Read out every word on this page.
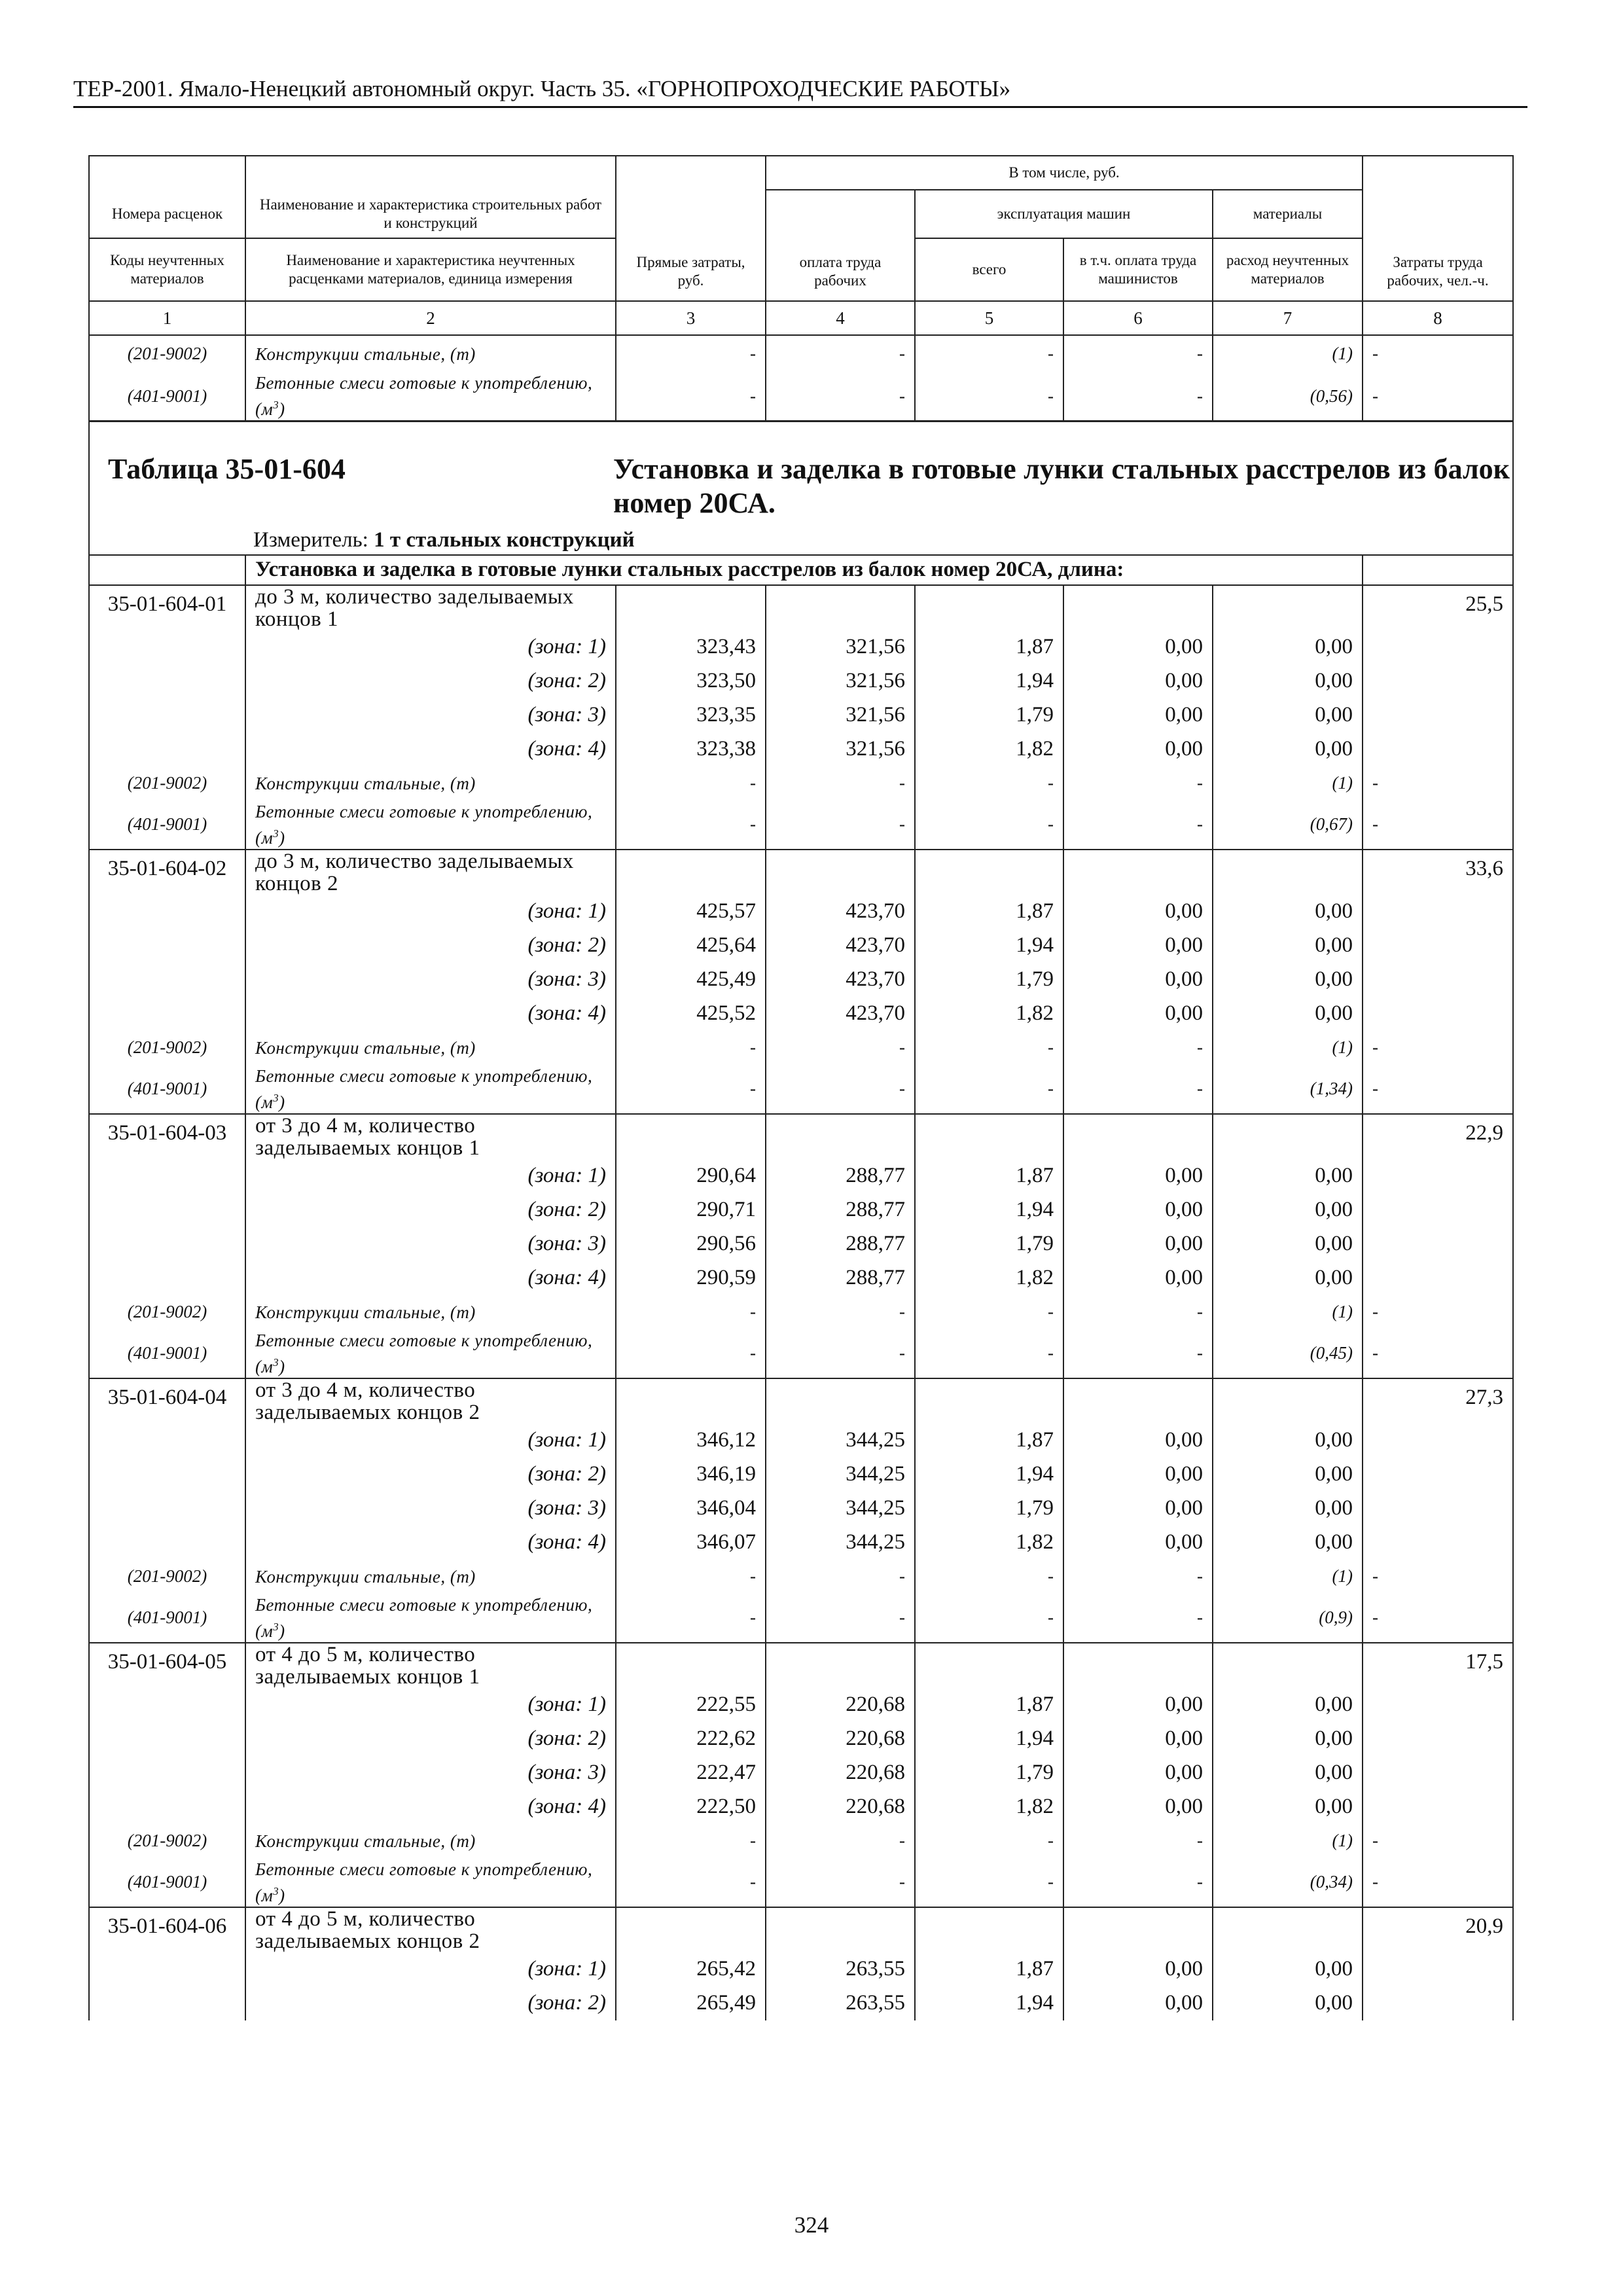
ТЕР-2001. Ямало-Ненецкий автономный округ. Часть 35. «ГОРНОПРОХОДЧЕСКИЕ РАБОТЫ»
			В том числе, руб.				
Номера расценок	Наименование и характеристика строительных работ и конструкций	Прямые затраты, руб.	оплата труда рабочих	эксплуатация машин		материалы	Затраты труда рабочих, чел.-ч.
Коды неучтенных материалов	Наименование и характеристика неучтенных расценками материалов, единица измерения			всего	в т.ч. оплата труда машинистов	расход неучтенных материалов	
1	2	3	4	5	6	7	8
(201-9002)	Конструкции стальные, (т)	-	-	-	-	(1)	-
(401-9001)	Бетонные смеси готовые к употреблению, $(м^3)$	-	-	-	-	(0,56)	-

Таблица 35-01-604 Установка и заделка в готовые лунки стальных расстрелов из балок номер 20СА.
Измеритель: 1 т стальных конструкций							

	Установка и заделка в готовые лунки стальных расстрелов из балок номер 20СА, длина:						
35-01-604-01	до 3 м, количество заделываемых концов 1						25,5
	(зона: 1)	323,43	321,56	1,87	0,00	0,00	
	(зона: 2)	323,50	321,56	1,94	0,00	0,00	
	(зона: 3)	323,35	321,56	1,79	0,00	0,00	
	(зона: 4)	323,38	321,56	1,82	0,00	0,00	
(201-9002)	Конструкции стальные, (т)	-	-	-	-	(1)	-
(401-9001)	Бетонные смеси готовые к употреблению, $(м^3)$	-	-	-	-	(0,67)	-
35-01-604-02	до 3 м, количество заделываемых концов 2						33,6
	(зона: 1)	425,57	423,70	1,87	0,00	0,00	
	(зона: 2)	425,64	423,70	1,94	0,00	0,00	
	(зона: 3)	425,49	423,70	1,79	0,00	0,00	
	(зона: 4)	425,52	423,70	1,82	0,00	0,00	
(201-9002)	Конструкции стальные, (т)	-	-	-	-	(1)	-
(401-9001)	Бетонные смеси готовые к употреблению, $(м^3)$	-	-	-	-	(1,34)	-
35-01-604-03	от 3 до 4 м, количество заделываемых концов 1						22,9
	(зона: 1)	290,64	288,77	1,87	0,00	0,00	
	(зона: 2)	290,71	288,77	1,94	0,00	0,00	
	(зона: 3)	290,56	288,77	1,79	0,00	0,00	
	(зона: 4)	290,59	288,77	1,82	0,00	0,00	
(201-9002)	Конструкции стальные, (т)	-	-	-	-	(1)	-
(401-9001)	Бетонные смеси готовые к употреблению, $(м^3)$	-	-	-	-	(0,45)	-
35-01-604-04	от 3 до 4 м, количество заделываемых концов 2						27,3
	(зона: 1)	346,12	344,25	1,87	0,00	0,00	
	(зона: 2)	346,19	344,25	1,94	0,00	0,00	
	(зона: 3)	346,04	344,25	1,79	0,00	0,00	
	(зона: 4)	346,07	344,25	1,82	0,00	0,00	
(201-9002)	Конструкции стальные, (т)	-	-	-	-	(1)	-
(401-9001)	Бетонные смеси готовые к употреблению, $(м^3)$	-	-	-	-	(0,9)	-
35-01-604-05	от 4 до 5 м, количество заделываемых концов 1						17,5
	(зона: 1)	222,55	220,68	1,87	0,00	0,00	
	(зона: 2)	222,62	220,68	1,94	0,00	0,00	
	(зона: 3)	222,47	220,68	1,79	0,00	0,00	
	(зона: 4)	222,50	220,68	1,82	0,00	0,00	
(201-9002)	Конструкции стальные, (т)	-	-	-	-	(1)	-
(401-9001)	Бетонные смеси готовые к употреблению, $(м^3)$	-	-	-	-	(0,34)	-
35-01-604-06	от 4 до 5 м, количество заделываемых концов 2						20,9
	(зона: 1)	265,42	263,55	1,87	0,00	0,00	
	(зона: 2)	265,49	263,55	1,94	0,00	0,00	
324
